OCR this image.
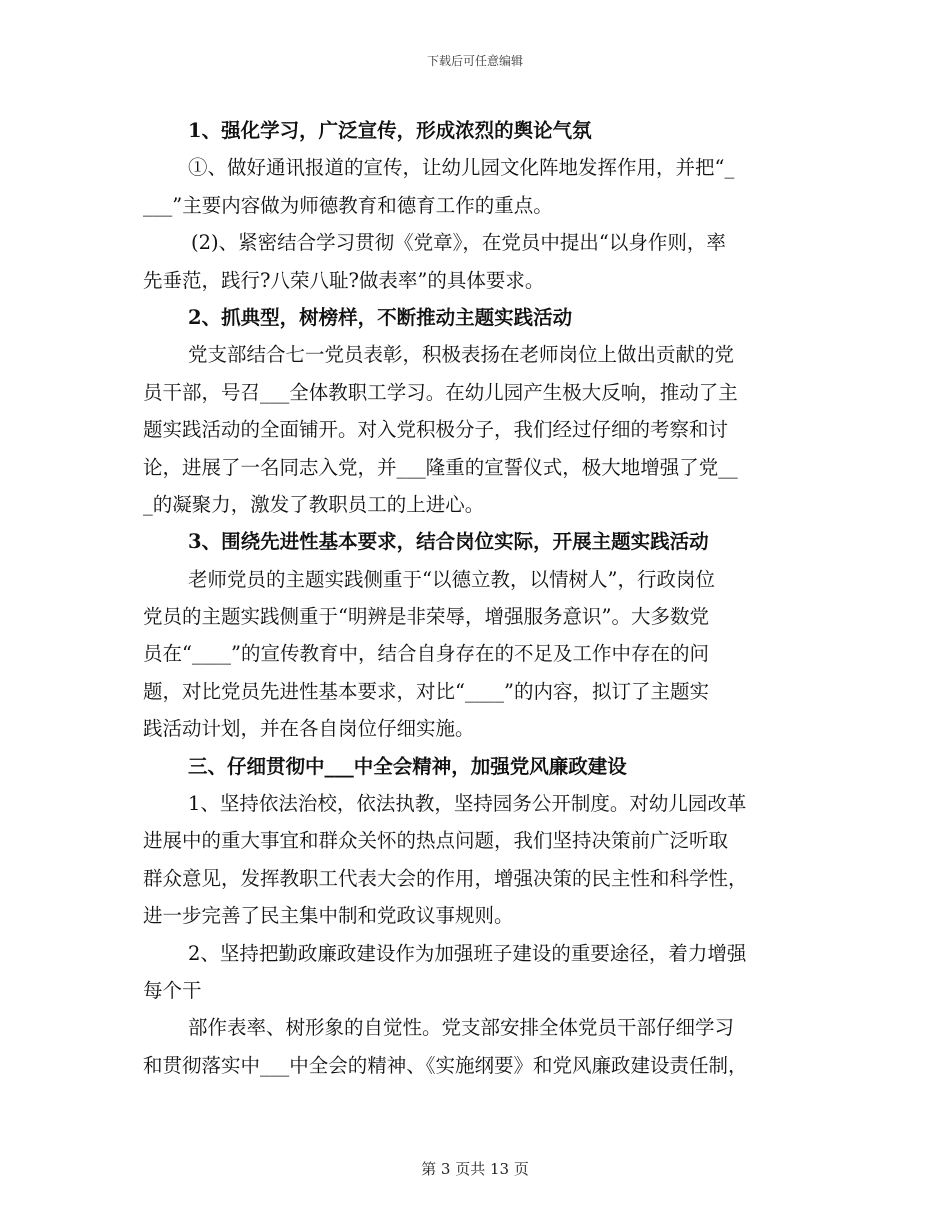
下载后可任意编辑
1、强化学习，广泛宣传，形成浓烈的舆论气氛
①、做好通讯报道的宣传，让幼儿园文化阵地发挥作用，并把“_
___”主要内容做为师德教育和德育工作的重点。
(2)、紧密结合学习贯彻《党章》，在党员中提出“以身作则，率
先垂范，践行?八荣八耻?做表率”的具体要求。
2、抓典型，树榜样，不断推动主题实践活动
党支部结合七一党员表彰，积极表扬在老师岗位上做出贡献的党
员干部，号召___全体教职工学习。在幼儿园产生极大反响，推动了主
题实践活动的全面铺开。对入党积极分子，我们经过仔细的考察和讨
论，进展了一名同志入党，并___隆重的宣誓仪式，极大地增强了党__
_的凝聚力，激发了教职员工的上进心。
3、围绕先进性基本要求，结合岗位实际，开展主题实践活动
老师党员的主题实践侧重于“以德立教，以情树人”，行政岗位
党员的主题实践侧重于“明辨是非荣辱，增强服务意识”。大多数党
员在“____”的宣传教育中，结合自身存在的不足及工作中存在的问
题，对比党员先进性基本要求，对比“____”的内容，拟订了主题实
践活动计划，并在各自岗位仔细实施。
三、仔细贯彻中___中全会精神，加强党风廉政建设
1、坚持依法治校，依法执教，坚持园务公开制度。对幼儿园改革
进展中的重大事宜和群众关怀的热点问题，我们坚持决策前广泛听取
群众意见，发挥教职工代表大会的作用，增强决策的民主性和科学性，
进一步完善了民主集中制和党政议事规则。
2、坚持把勤政廉政建设作为加强班子建设的重要途径，着力增强
每个干
部作表率、树形象的自觉性。党支部安排全体党员干部仔细学习
和贯彻落实中___中全会的精神、《实施纲要》和党风廉政建设责任制，
第 3 页共 13 页
